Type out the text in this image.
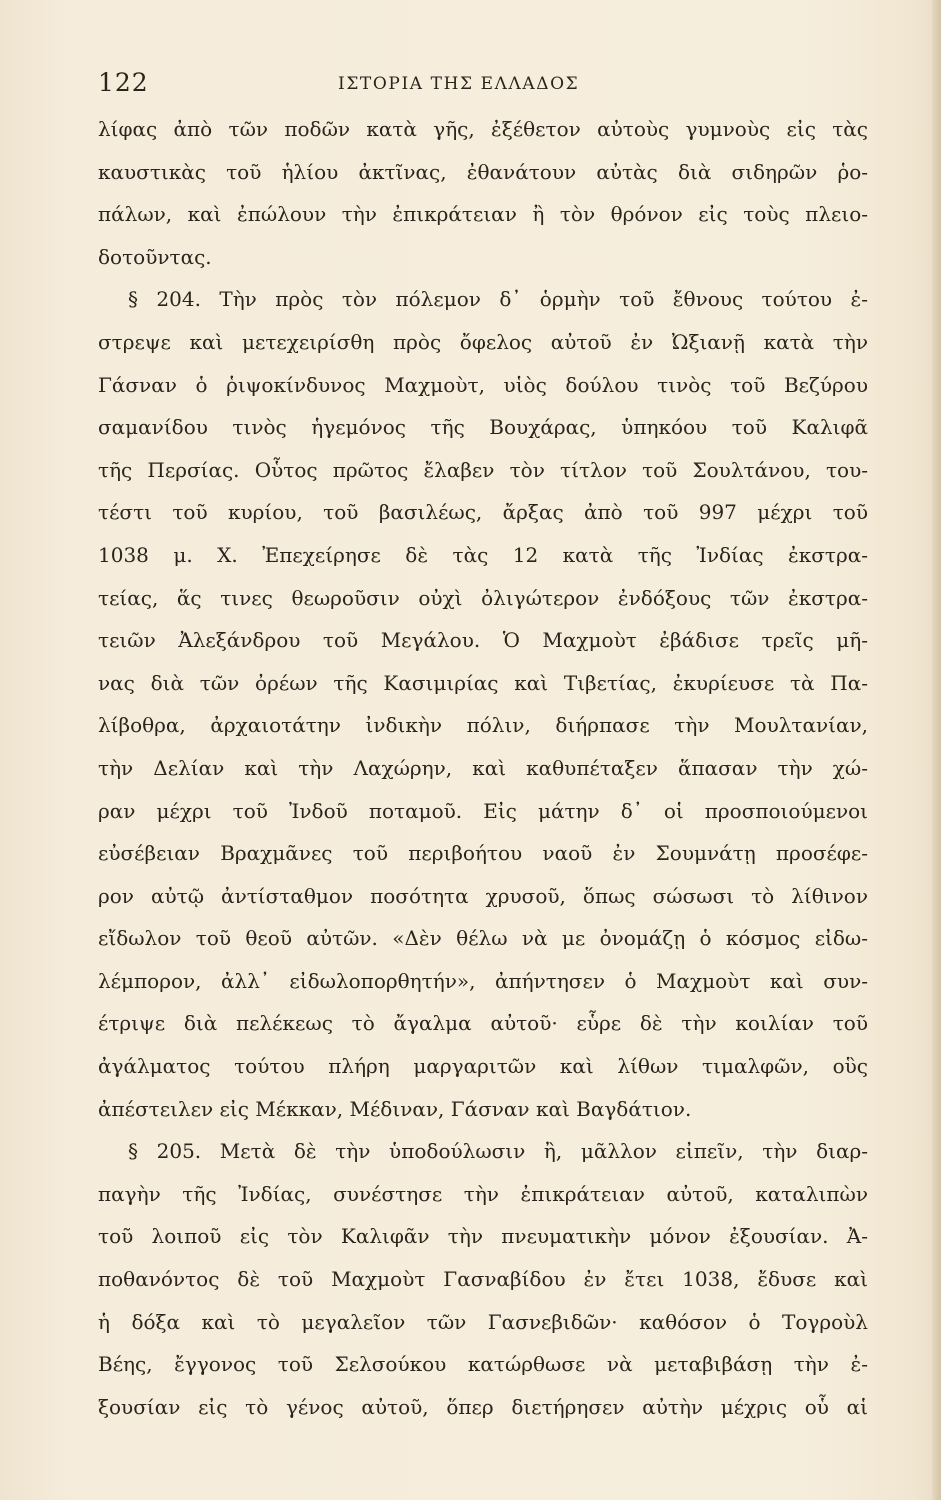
122	ΙΣΤΟΡΙΑ ΤΗΣ ΕΛΛΑΔΟΣ
λίφας ἀπὸ τῶν ποδῶν κατὰ γῆς, ἐξέθετον αὐτοὺς γυμνοὺς εἰς τὰς
καυστικὰς τοῦ ἡλίου ἀκτῖνας, ἐθανάτουν αὐτὰς διὰ σιδηρῶν ῥο-
πάλων, καὶ ἐπώλουν τὴν ἐπικράτειαν ἢ τὸν θρόνον εἰς τοὺς πλειο-
δοτοῦντας.
§ 204. Τὴν πρὸς τὸν πόλεμον δ᾽ ὁρμὴν τοῦ ἔθνους τούτου ἐ-
στρεψε καὶ μετεχειρίσθη πρὸς ὄφελος αὐτοῦ ἐν Ὠξιανῇ κατὰ τὴν
Γάσναν ὁ ῥιψοκίνδυνος Μαχμοὺτ, υἱὸς δούλου τινὸς τοῦ Βεζύρου
σαμανίδου τινὸς ἡγεμόνος τῆς Βουχάρας, ὑπηκόου τοῦ Καλιφᾶ
τῆς Περσίας. Οὗτος πρῶτος ἔλαβεν τὸν τίτλον τοῦ Σουλτάνου, του-
τέστι τοῦ κυρίου, τοῦ βασιλέως, ἄρξας ἀπὸ τοῦ 997 μέχρι τοῦ
1038 μ. Χ. Ἐπεχείρησε δὲ τὰς 12 κατὰ τῆς Ἰνδίας ἐκστρα-
τείας, ἅς τινες θεωροῦσιν οὐχὶ ὀλιγώτερον ἐνδόξους τῶν ἐκστρα-
τειῶν Ἀλεξάνδρου τοῦ Μεγάλου. Ὁ Μαχμοὺτ ἐβάδισε τρεῖς μῆ-
νας διὰ τῶν ὀρέων τῆς Κασιμιρίας καὶ Τιβετίας, ἐκυρίευσε τὰ Πα-
λίβοθρα, ἀρχαιοτάτην ἰνδικὴν πόλιν, διήρπασε τὴν Μουλτανίαν,
τὴν Δελίαν καὶ τὴν Λαχώρην, καὶ καθυπέταξεν ἅπασαν τὴν χώ-
ραν μέχρι τοῦ Ἰνδοῦ ποταμοῦ. Εἰς μάτην δ᾽ οἱ προσποιούμενοι
εὐσέβειαν Βραχμᾶνες τοῦ περιβοήτου ναοῦ ἐν Σουμνάτῃ προσέφε-
ρον αὐτῷ ἀντίσταθμον ποσότητα χρυσοῦ, ὅπως σώσωσι τὸ λίθινον
εἴδωλον τοῦ θεοῦ αὐτῶν. «Δὲν θέλω νὰ με ὀνομάζῃ ὁ κόσμος εἰδω-
λέμπορον, ἀλλ᾽ εἰδωλοπορθητήν», ἀπήντησεν ὁ Μαχμοὺτ καὶ συν-
έτριψε διὰ πελέκεως τὸ ἄγαλμα αὐτοῦ· εὗρε δὲ τὴν κοιλίαν τοῦ
ἀγάλματος τούτου πλήρη μαργαριτῶν καὶ λίθων τιμαλφῶν, οὓς
ἀπέστειλεν εἰς Μέκκαν, Μέδιναν, Γάσναν καὶ Βαγδάτιον.
§ 205. Μετὰ δὲ τὴν ὑποδούλωσιν ἢ, μᾶλλον εἰπεῖν, τὴν διαρ-
παγὴν τῆς Ἰνδίας, συνέστησε τὴν ἐπικράτειαν αὐτοῦ, καταλιπὼν
τοῦ λοιποῦ εἰς τὸν Καλιφᾶν τὴν πνευματικὴν μόνον ἐξουσίαν. Ἀ-
ποθανόντος δὲ τοῦ Μαχμοὺτ Γασναβίδου ἐν ἔτει 1038, ἔδυσε καὶ
ἡ δόξα καὶ τὸ μεγαλεῖον τῶν Γασνεβιδῶν· καθόσον ὁ Τογροὺλ
Βέης, ἔγγονος τοῦ Σελσούκου κατώρθωσε νὰ μεταβιβάσῃ τὴν ἐ-
ξουσίαν εἰς τὸ γένος αὐτοῦ, ὅπερ διετήρησεν αὐτὴν μέχρις οὗ αἱ
